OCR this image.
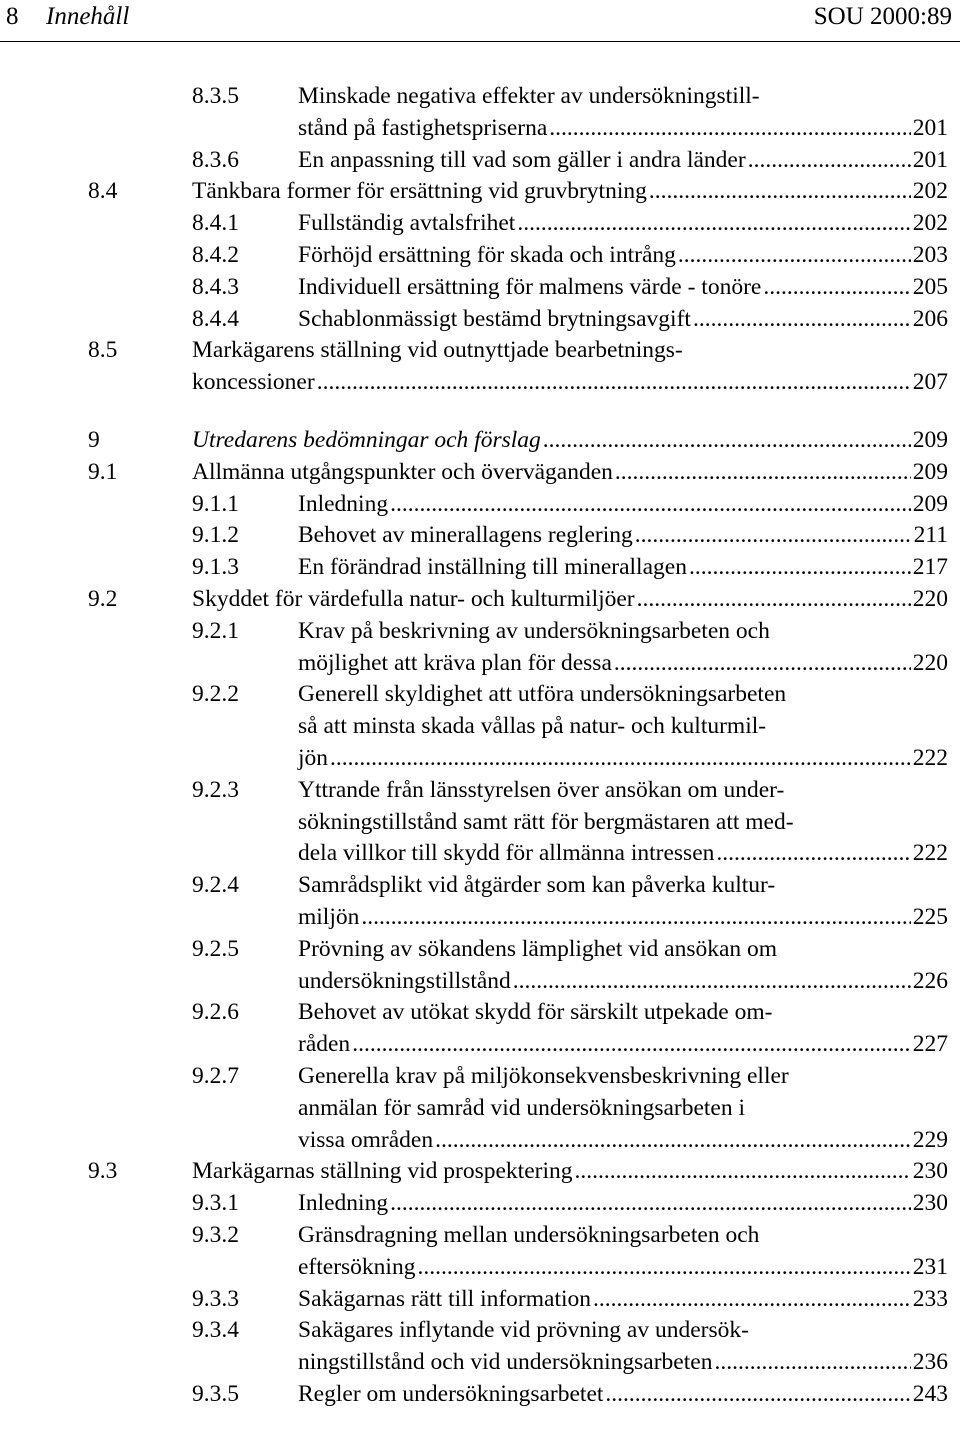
8 Innehåll	SOU 2000:89
8.3.5	Minskade negativa effekter av undersökningstill-
stånd på fastighetspriserna .....	201
8.3.6	En anpassning till vad som gäller i andra länder .....	201
8.4	Tänkbara former för ersättning vid gruvbrytning .....	202
8.4.1	Fullständig avtalsfrihet .....	202
8.4.2	Förhöjd ersättning för skada och intrång .....	203
8.4.3	Individuell ersättning för malmens värde - tonöre .....	205
8.4.4	Schablonmässigt bestämd brytningsavgift .....	206
8.5	Markägarens ställning vid outnyttjade bearbetnings-
koncessioner .....	207
9	Utredarens bedömningar och förslag .....	209
9.1	Allmänna utgångspunkter och överväganden .....	209
9.1.1	Inledning .....	209
9.1.2	Behovet av minerallagens reglering .....	211
9.1.3	En förändrad inställning till minerallagen .....	217
9.2	Skyddet för värdefulla natur- och kulturmiljöer .....	220
9.2.1	Krav på beskrivning av undersökningsarbeten och
möjlighet att kräva plan för dessa .....	220
9.2.2	Generell skyldighet att utföra undersökningsarbeten
så att minsta skada vållas på natur- och kulturmil-
jön .....	222
9.2.3	Yttrande från länsstyrelsen över ansökan om under-
sökningstillstånd samt rätt för bergmästaren att med-
dela villkor till skydd för allmänna intressen .....	222
9.2.4	Samrådsplikt vid åtgärder som kan påverka kultur-
miljön .....	225
9.2.5	Prövning av sökandens lämplighet vid ansökan om
undersökningstillstånd .....	226
9.2.6	Behovet av utökat skydd för särskilt utpekade om-
råden .....	227
9.2.7	Generella krav på miljökonsekvensbeskrivning eller
anmälan för samråd vid undersökningsarbeten i
vissa områden .....	229
9.3	Markägarnas ställning vid prospektering .....	230
9.3.1	Inledning .....	230
9.3.2	Gränsdragning mellan undersökningsarbeten och
eftersökning .....	231
9.3.3	Sakägarnas rätt till information .....	233
9.3.4	Sakägares inflytande vid prövning av undersök-
ningstillstånd och vid undersökningsarbeten .....	236
9.3.5	Regler om undersökningsarbetet .....	243
